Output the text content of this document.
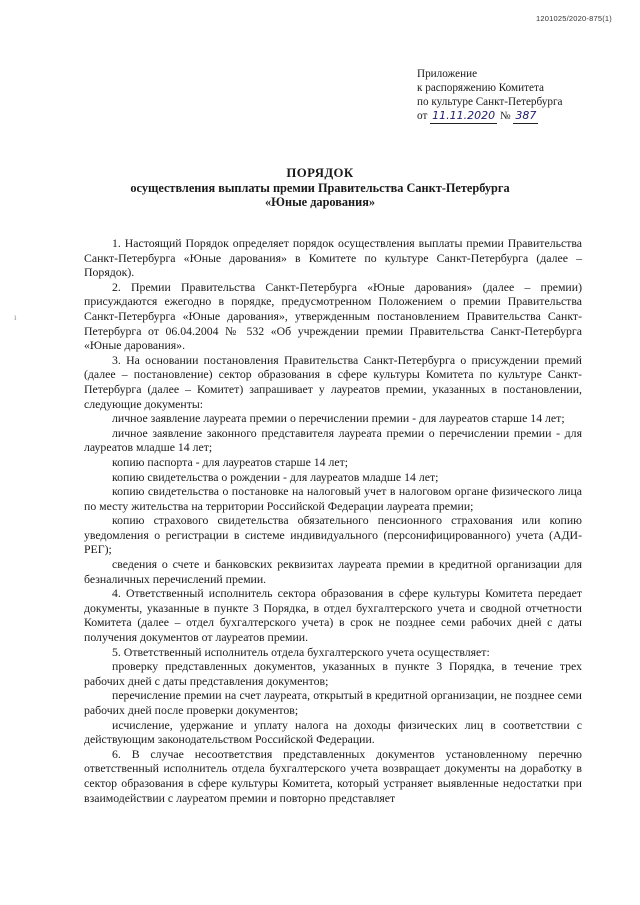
1201025/2020-875(1)
ı
Приложение
к распоряжению Комитета
по культуре Санкт-Петербурга
от 11.11.2020 № 387
ПОРЯДОК
осуществления выплаты премии Правительства Санкт-Петербурга
«Юные дарования»

1. Настоящий Порядок определяет порядок осуществления выплаты премии Правительства Санкт-Петербурга «Юные дарования» в Комитете по культуре Санкт-Петербурга (далее – Порядок).

2. Премии Правительства Санкт-Петербурга «Юные дарования» (далее – премии) присуждаются ежегодно в порядке, предусмотренном Положением о премии Правительства Санкт-Петербурга «Юные дарования», утвержденным постановлением Правительства Санкт-Петербурга от 06.04.2004 № 532 «Об учреждении премии Правительства Санкт-Петербурга «Юные дарования».

3. На основании постановления Правительства Санкт-Петербурга о присуждении премий (далее – постановление) сектор образования в сфере культуры Комитета по культуре Санкт-Петербурга (далее – Комитет) запрашивает у лауреатов премии, указанных в постановлении, следующие документы:

личное заявление лауреата премии о перечислении премии - для лауреатов старше 14 лет;

личное заявление законного представителя лауреата премии о перечислении премии - для лауреатов младше 14 лет;

копию паспорта - для лауреатов старше 14 лет;

копию свидетельства о рождении - для лауреатов младше 14 лет;

копию свидетельства о постановке на налоговый учет в налоговом органе физического лица по месту жительства на территории Российской Федерации лауреата премии;

копию страхового свидетельства обязательного пенсионного страхования или копию уведомления о регистрации в системе индивидуального (персонифицированного) учета (АДИ-РЕГ);

сведения о счете и банковских реквизитах лауреата премии в кредитной организации для безналичных перечислений премии.

4. Ответственный исполнитель сектора образования в сфере культуры Комитета передает документы, указанные в пункте 3 Порядка, в отдел бухгалтерского учета и сводной отчетности Комитета (далее – отдел бухгалтерского учета) в срок не позднее семи рабочих дней с даты получения документов от лауреатов премии.

5. Ответственный исполнитель отдела бухгалтерского учета осуществляет:

проверку представленных документов, указанных в пункте 3 Порядка, в течение трех рабочих дней с даты представления документов;

перечисление премии на счет лауреата, открытый в кредитной организации, не позднее семи рабочих дней после проверки документов;

исчисление, удержание и уплату налога на доходы физических лиц в соответствии с действующим законодательством Российской Федерации.

6. В случае несоответствия представленных документов установленному перечню ответственный исполнитель отдела бухгалтерского учета возвращает документы на доработку в сектор образования в сфере культуры Комитета, который устраняет выявленные недостатки при взаимодействии с лауреатом премии и повторно представляет
